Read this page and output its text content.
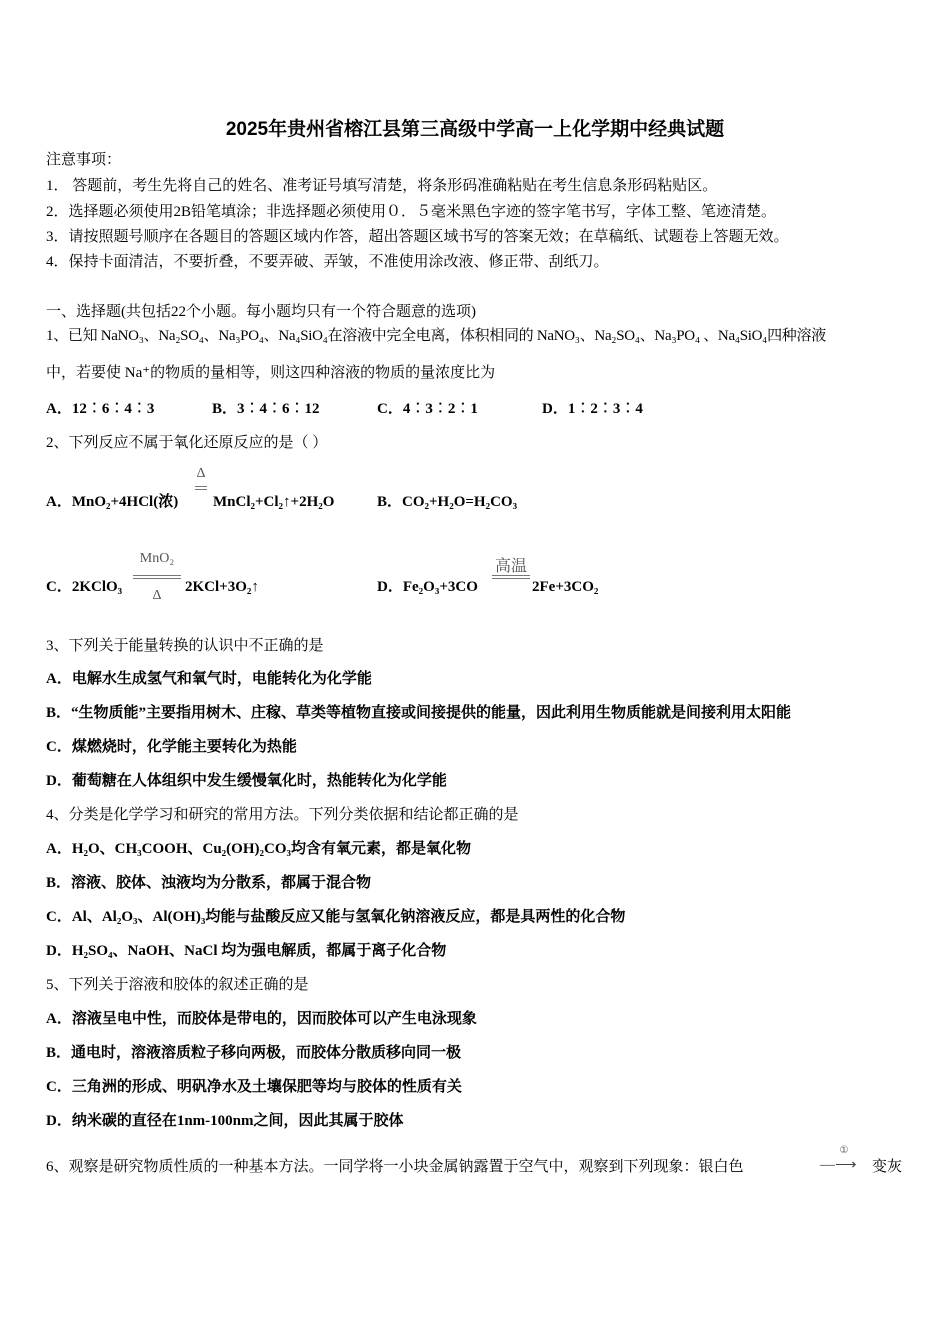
2025年贵州省榕江县第三高级中学高一上化学期中经典试题
注意事项：
1． 答题前，考生先将自己的姓名、准考证号填写清楚，将条形码准确粘贴在考生信息条形码粘贴区。
2．选择题必须使用2B铅笔填涂；非选择题必须使用０．５毫米黑色字迹的签字笔书写，字体工整、笔迹清楚。
3．请按照题号顺序在各题目的答题区域内作答，超出答题区域书写的答案无效；在草稿纸、试题卷上答题无效。
4．保持卡面清洁，不要折叠，不要弄破、弄皱，不准使用涂改液、修正带、刮纸刀。
一、选择题(共包括22个小题。每小题均只有一个符合题意的选项)
1、已知 NaNO₃、Na₂SO₄、Na₃PO₄、Na₄SiO₄在溶液中完全电离，体积相同的 NaNO₃、Na₂SO₄、Na₃PO₄ 、Na₄SiO₄四种溶液
中，若要使 Na⁺的物质的量相等，则这四种溶液的物质的量浓度比为
A．12︰6︰4︰3	B．3︰4︰6︰12	C．4︰3︰2︰1	D．1︰2︰3︰4
2、下列反应不属于氧化还原反应的是（ ）
A．MnO₂+4HCl(浓)
Δ
MnCl₂+Cl₂↑+2H₂O	B．CO₂+H₂O=H₂CO₃
C．2KClO₃
MnO₂
Δ
2KCl+3O₂↑	D．Fe₂O₃+3CO
高温
2Fe+3CO₂
3、下列关于能量转换的认识中不正确的是
A．电解水生成氢气和氧气时，电能转化为化学能
B．“生物质能”主要指用树木、庄稼、草类等植物直接或间接提供的能量，因此利用生物质能就是间接利用太阳能
C．煤燃烧时，化学能主要转化为热能
D．葡萄糖在人体组织中发生缓慢氧化时，热能转化为化学能
4、分类是化学学习和研究的常用方法。下列分类依据和结论都正确的是
A．H₂O、CH₃COOH、Cu₂(OH)₂CO₃均含有氧元素，都是氧化物
B．溶液、胶体、浊液均为分散系，都属于混合物
C．Al、Al₂O₃、Al(OH)₃均能与盐酸反应又能与氢氧化钠溶液反应，都是具两性的化合物
D．H₂SO₄、NaOH、NaCl 均为强电解质，都属于离子化合物
5、下列关于溶液和胶体的叙述正确的是
A．溶液呈电中性，而胶体是带电的，因而胶体可以产生电泳现象
B．通电时，溶液溶质粒子移向两极，而胶体分散质移向同一极
C．三角洲的形成、明矾净水及土壤保肥等均与胶体的性质有关
D．纳米碳的直径在1nm-100nm之间，因此其属于胶体
6、观察是研究物质性质的一种基本方法。一同学将一小块金属钠露置于空气中，观察到下列现象：银白色
①
—⟶ 变灰
